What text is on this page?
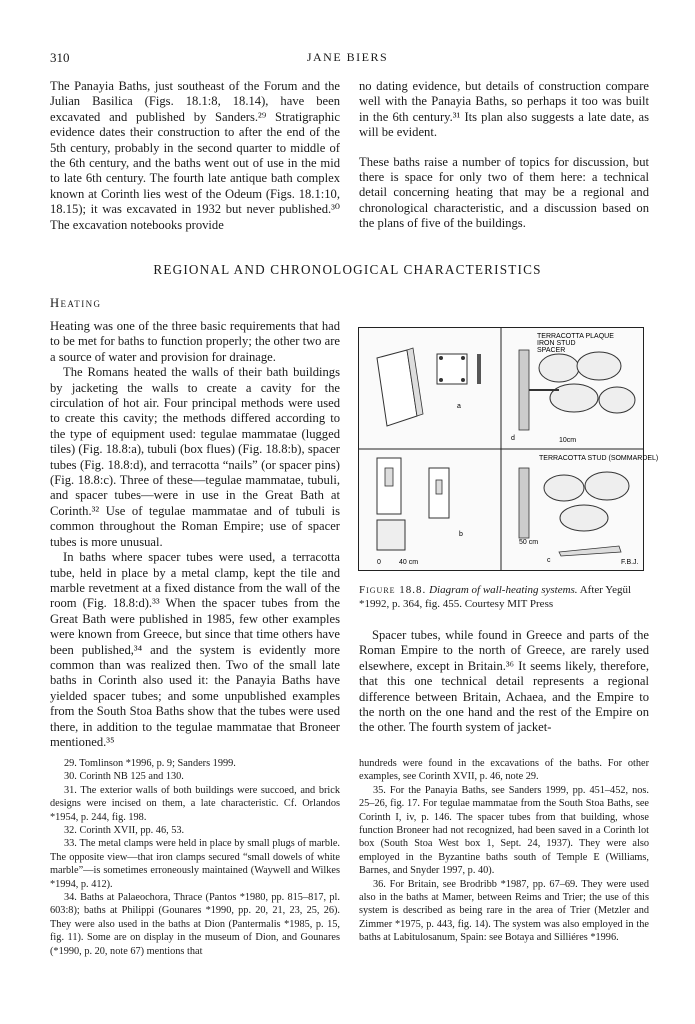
310	JANE BIERS

The Panayia Baths, just southeast of the Forum and the Julian Basilica (Figs. 18.1:8, 18.14), have been excavated and published by Sanders.²⁹ Stratigraphic evidence dates their construction to after the end of the 5th century, probably in the second quarter to middle of the 6th century, and the baths went out of use in the mid to late 6th century. The fourth late antique bath complex known at Corinth lies west of the Odeum (Figs. 18.1:10, 18.15); it was excavated in 1932 but never published.³⁰ The excavation notebooks provide

no dating evidence, but details of construction compare well with the Panayia Baths, so perhaps it too was built in the 6th century.³¹ Its plan also suggests a late date, as will be evident.

These baths raise a number of topics for discussion, but there is space for only two of them here: a technical detail concerning heating that may be a regional and chronological characteristic, and a discussion based on the plans of five of the buildings.

REGIONAL AND CHRONOLOGICAL CHARACTERISTICS
Heating

Heating was one of the three basic requirements that had to be met for baths to function properly; the other two are a source of water and provision for drainage.

The Romans heated the walls of their bath buildings by jacketing the walls to create a cavity for the circulation of hot air. Four principal methods were used to create this cavity; the methods differed according to the type of equipment used: tegulae mammatae (lugged tiles) (Fig. 18.8:a), tubuli (box flues) (Fig. 18.8:b), spacer tubes (Fig. 18.8:d), and terracotta “nails” (or spacer pins) (Fig. 18.8:c). Three of these—tegulae mammatae, tubuli, and spacer tubes—were in use in the Great Bath at Corinth.³² Use of tegulae mammatae and of tubuli is common throughout the Roman Empire; use of spacer tubes is more unusual.

In baths where spacer tubes were used, a terracotta tube, held in place by a metal clamp, kept the tile and marble revetment at a fixed distance from the wall of the room (Fig. 18.8:d).³³ When the spacer tubes from the Great Bath were published in 1985, few other examples were known from Greece, but since that time others have been published,³⁴ and the system is evidently more common than was realized then. Two of the small late baths in Corinth also used it: the Panayia Baths have yielded spacer tubes; and some unpublished examples from the South Stoa Baths show that the tubes were used there, in addition to the tegulae mammatae that Broneer mentioned.³⁵

a
TERRACOTTA PLAQUE
IRON STUD
SPACER
d	10cm
b
0	40 cm
TERRACOTTA STUD (SOMMARDEL)
c
50 cm
F.B.J.
Figure 18.8. Diagram of wall-heating systems. After Yegül *1992, p. 364, fig. 455. Courtesy MIT Press

Spacer tubes, while found in Greece and parts of the Roman Empire to the north of Greece, are rarely used elsewhere, except in Britain.³⁶ It seems likely, therefore, that this one technical detail represents a regional difference between Britain, Achaea, and the Empire to the north on the one hand and the rest of the Empire on the other. The fourth system of jacket-

29. Tomlinson *1996, p. 9; Sanders 1999.

30. Corinth NB 125 and 130.

31. The exterior walls of both buildings were succoed, and brick designs were incised on them, a late characteristic. Cf. Orlandos *1954, p. 244, fig. 198.

32. Corinth XVII, pp. 46, 53.

33. The metal clamps were held in place by small plugs of marble. The opposite view—that iron clamps secured “small dowels of white marble”—is sometimes erroneously maintained (Waywell and Wilkes *1994, p. 412).

34. Baths at Palaeochora, Thrace (Pantos *1980, pp. 815–817, pl. 603:8); baths at Philippi (Gounares *1990, pp. 20, 21, 23, 25, 26). They were also used in the baths at Dion (Pantermalis *1985, p. 15, fig. 11). Some are on display in the museum of Dion, and Gounares (*1990, p. 20, note 67) mentions that

hundreds were found in the excavations of the baths. For other examples, see Corinth XVII, p. 46, note 29.

35. For the Panayia Baths, see Sanders 1999, pp. 451–452, nos. 25–26, fig. 17. For tegulae mammatae from the South Stoa Baths, see Corinth I, iv, p. 146. The spacer tubes from that building, whose function Broneer had not recognized, had been saved in a Corinth lot box (South Stoa West box 1, Sept. 24, 1937). They were also employed in the Byzantine baths south of Temple E (Williams, Barnes, and Snyder 1997, p. 40).

36. For Britain, see Brodribb *1987, pp. 67–69. They were used also in the baths at Mamer, between Reims and Trier; the use of this system is described as being rare in the area of Trier (Metzler and Zimmer *1975, p. 443, fig. 14). The system was also employed in the baths at Labitulosanum, Spain: see Botaya and Silliéres *1996.
